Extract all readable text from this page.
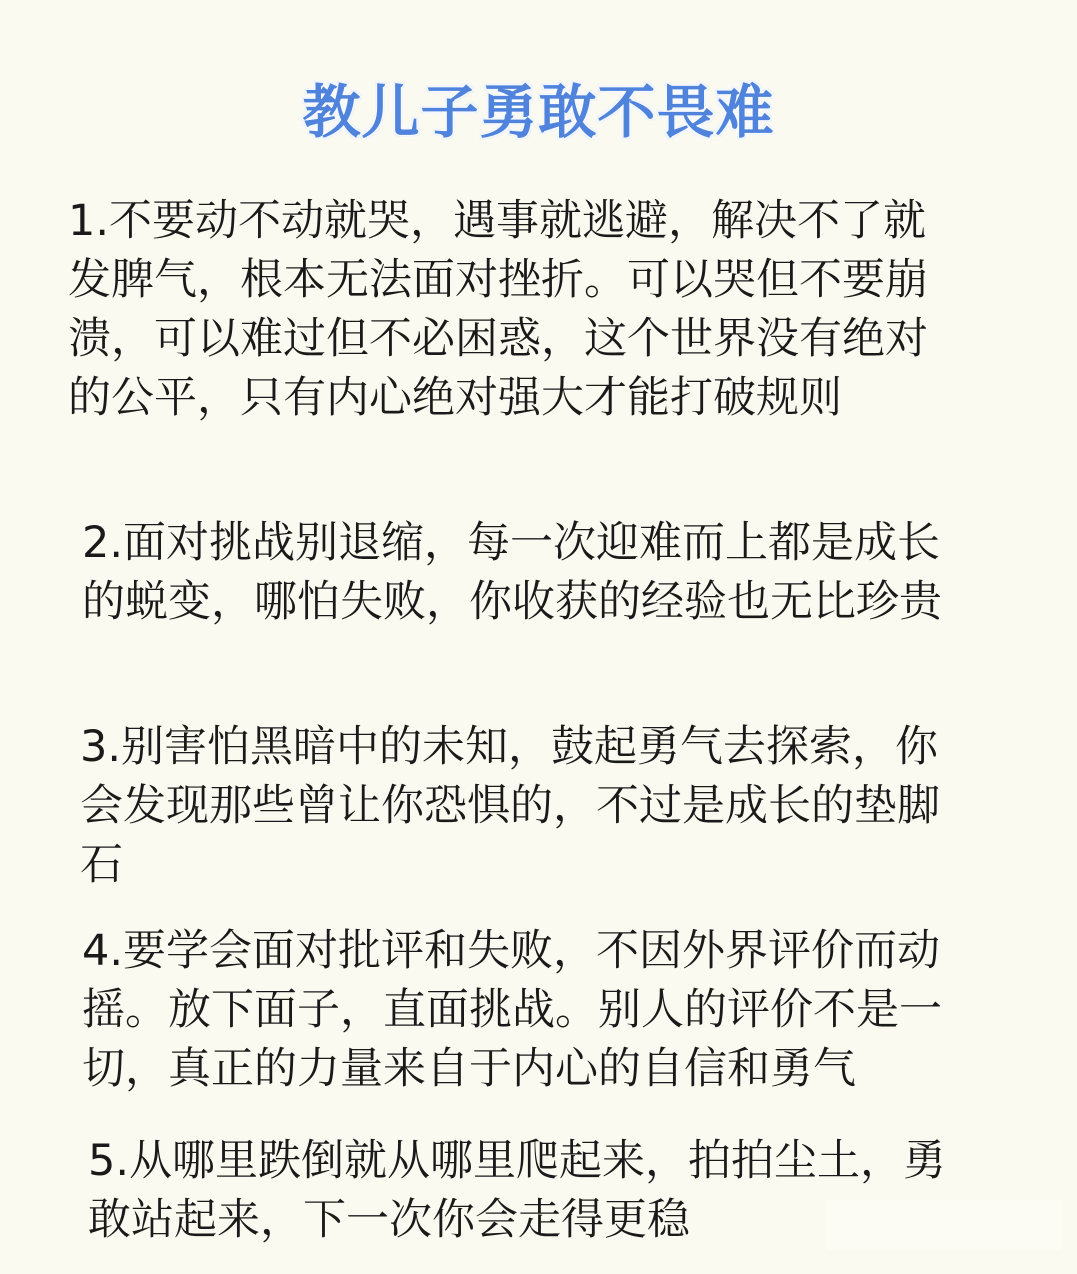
教儿子勇敢不畏难

1.不要动不动就哭，遇事就逃避，解决不了就发脾气，根本无法面对挫折。可以哭但不要崩溃，可以难过但不必困惑，这个世界没有绝对的公平，只有内心绝对强大才能打破规则

2.面对挑战别退缩，每一次迎难而上都是成长的蜕变，哪怕失败，你收获的经验也无比珍贵

3.别害怕黑暗中的未知，鼓起勇气去探索，你会发现那些曾让你恐惧的，不过是成长的垫脚石

4.要学会面对批评和失败，不因外界评价而动摇。放下面子，直面挑战。别人的评价不是一切，真正的力量来自于内心的自信和勇气

5.从哪里跌倒就从哪里爬起来，拍拍尘土，勇敢站起来，下一次你会走得更稳
